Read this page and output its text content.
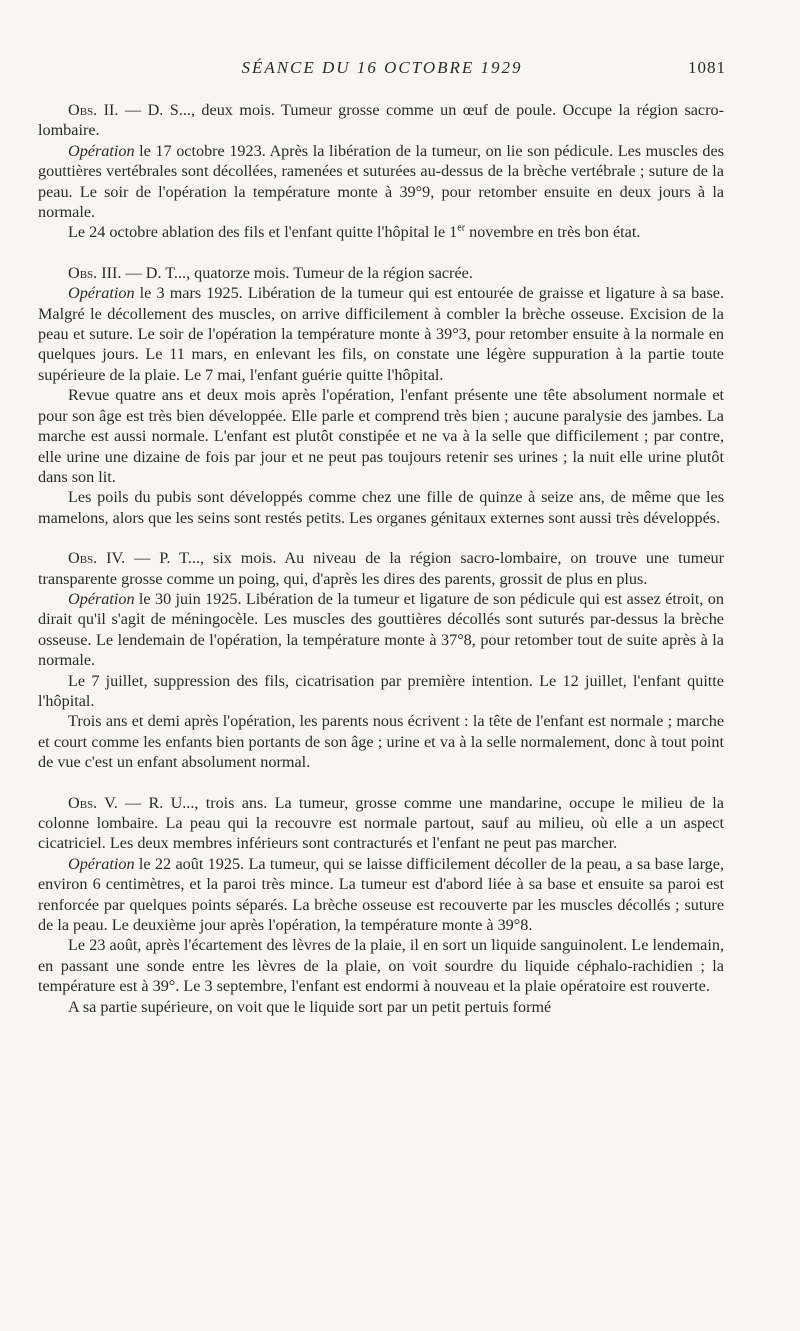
SÉANCE DU 16 OCTOBRE 1929	1081

Obs. II. — D. S..., deux mois. Tumeur grosse comme un œuf de poule. Occupe la région sacro-lombaire.

Opération le 17 octobre 1923. Après la libération de la tumeur, on lie son pédicule. Les muscles des gouttières vertébrales sont décollées, ramenées et suturées au-dessus de la brèche vertébrale ; suture de la peau. Le soir de l'opération la température monte à 39°9, pour retomber ensuite en deux jours à la normale.

Le 24 octobre ablation des fils et l'enfant quitte l'hôpital le 1er novembre en très bon état.

Obs. III. — D. T..., quatorze mois. Tumeur de la région sacrée.

Opération le 3 mars 1925. Libération de la tumeur qui est entourée de graisse et ligature à sa base. Malgré le décollement des muscles, on arrive difficilement à combler la brèche osseuse. Excision de la peau et suture. Le soir de l'opération la température monte à 39°3, pour retomber ensuite à la normale en quelques jours. Le 11 mars, en enlevant les fils, on constate une légère suppuration à la partie toute supérieure de la plaie. Le 7 mai, l'enfant guérie quitte l'hôpital.

Revue quatre ans et deux mois après l'opération, l'enfant présente une tête absolument normale et pour son âge est très bien développée. Elle parle et comprend très bien ; aucune paralysie des jambes. La marche est aussi normale. L'enfant est plutôt constipée et ne va à la selle que difficilement ; par contre, elle urine une dizaine de fois par jour et ne peut pas toujours retenir ses urines ; la nuit elle urine plutôt dans son lit.

Les poils du pubis sont développés comme chez une fille de quinze à seize ans, de même que les mamelons, alors que les seins sont restés petits. Les organes génitaux externes sont aussi très développés.

Obs. IV. — P. T..., six mois. Au niveau de la région sacro-lombaire, on trouve une tumeur transparente grosse comme un poing, qui, d'après les dires des parents, grossit de plus en plus.

Opération le 30 juin 1925. Libération de la tumeur et ligature de son pédicule qui est assez étroit, on dirait qu'il s'agit de méningocèle. Les muscles des gouttières décollés sont suturés par-dessus la brèche osseuse. Le lendemain de l'opération, la température monte à 37°8, pour retomber tout de suite après à la normale.

Le 7 juillet, suppression des fils, cicatrisation par première intention. Le 12 juillet, l'enfant quitte l'hôpital.

Trois ans et demi après l'opération, les parents nous écrivent : la tête de l'enfant est normale ; marche et court comme les enfants bien portants de son âge ; urine et va à la selle normalement, donc à tout point de vue c'est un enfant absolument normal.

Obs. V. — R. U..., trois ans. La tumeur, grosse comme une mandarine, occupe le milieu de la colonne lombaire. La peau qui la recouvre est normale partout, sauf au milieu, où elle a un aspect cicatriciel. Les deux membres inférieurs sont contracturés et l'enfant ne peut pas marcher.

Opération le 22 août 1925. La tumeur, qui se laisse difficilement décoller de la peau, a sa base large, environ 6 centimètres, et la paroi très mince. La tumeur est d'abord liée à sa base et ensuite sa paroi est renforcée par quelques points séparés. La brèche osseuse est recouverte par les muscles décollés ; suture de la peau. Le deuxième jour après l'opération, la température monte à 39°8.

Le 23 août, après l'écartement des lèvres de la plaie, il en sort un liquide sanguinolent. Le lendemain, en passant une sonde entre les lèvres de la plaie, on voit sourdre du liquide céphalo-rachidien ; la température est à 39°. Le 3 septembre, l'enfant est endormi à nouveau et la plaie opératoire est rouverte.

A sa partie supérieure, on voit que le liquide sort par un petit pertuis formé
